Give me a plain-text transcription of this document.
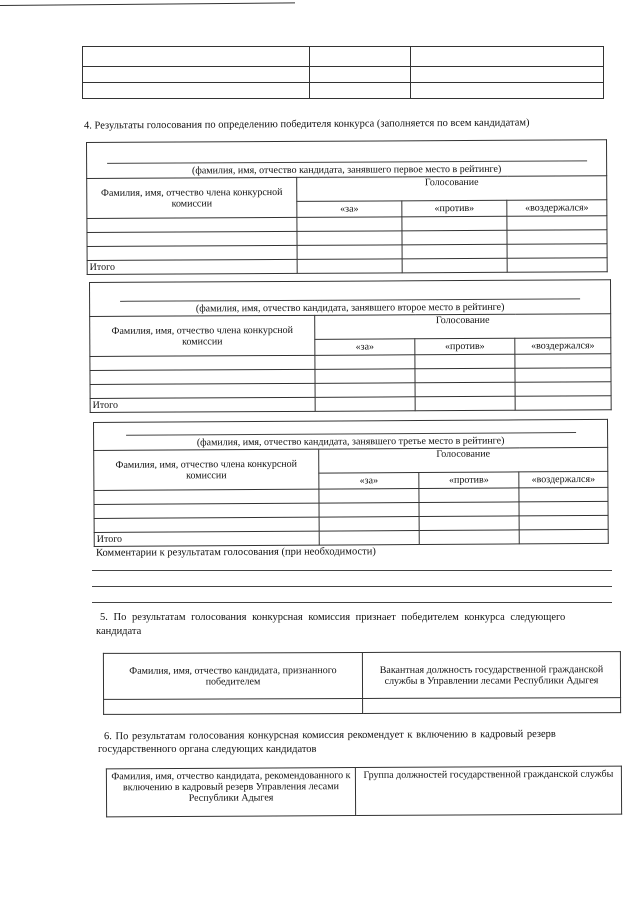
4. Результаты голосования по определению победителя конкурса (заполняется по всем кандидатам)
(фамилия, имя, отчество кандидата, занявшего первое место в рейтинге)			
Фамилия, имя, отчество члена конкурсной комиссии	Голосование		
	«за»	«против»	«воздержался»

Итого			
(фамилия, имя, отчество кандидата, занявшего второе место в рейтинге)			
Фамилия, имя, отчество члена конкурсной комиссии	Голосование		
	«за»	«против»	«воздержался»

Итого			
(фамилия, имя, отчество кандидата, занявшего третье место в рейтинге)			
Фамилия, имя, отчество члена конкурсной комиссии	Голосование		
	«за»	«против»	«воздержался»

Итого			
Комментарии к результатам голосования (при необходимости)
5. По результатам голосования конкурсная комиссия признает победителем конкурса следующего
кандидата
Фамилия, имя, отчество кандидата, признанного победителем	Вакантная должность государственной гражданской службы в Управлении лесами Республики Адыгея

6. По результатам голосования конкурсная комиссия рекомендует к включению в кадровый резерв
государственного органа следующих кандидатов
Фамилия, имя, отчество кандидата, рекомендованного к включению в кадровый резерв Управления лесами Республики Адыгея	Группа должностей государственной гражданской службы
